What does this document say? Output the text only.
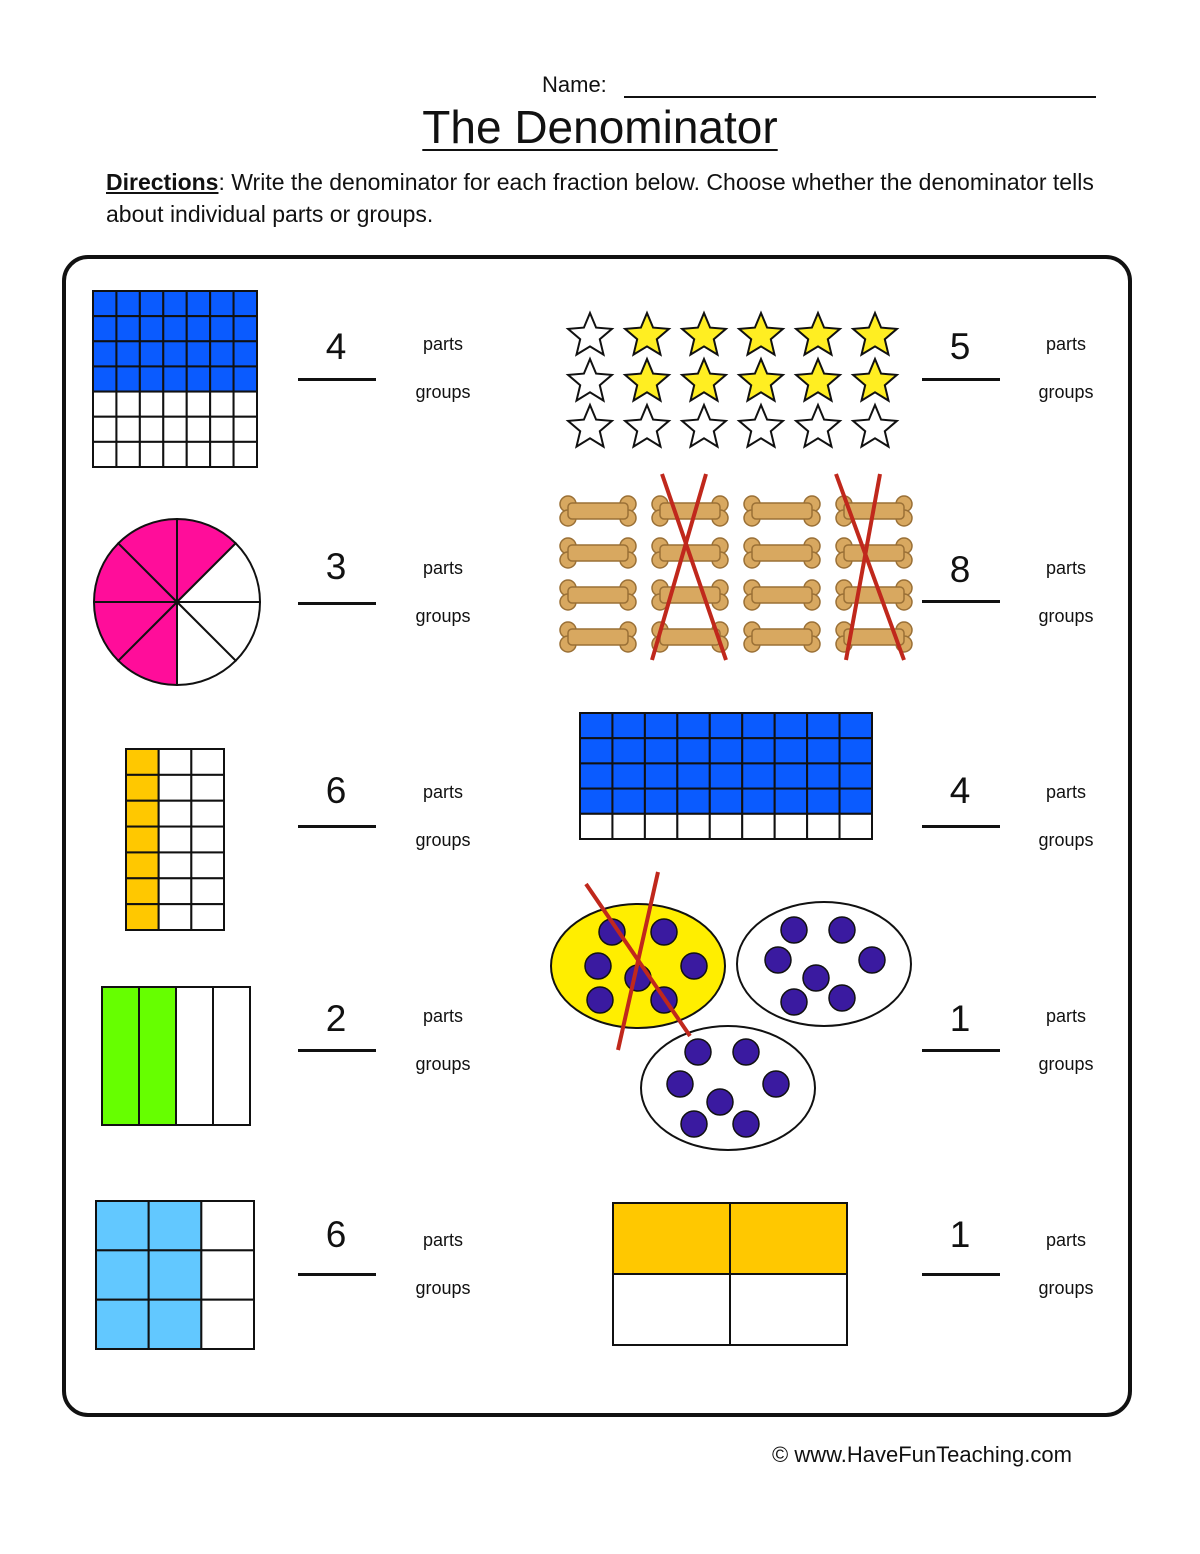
Name:
The Denominator
Directions: Write the denominator for each fraction below. Choose whether the denominator tells about individual parts or groups.
4	parts
groups
3	parts
groups
6	parts
groups
2	parts
groups
6	parts
groups
5	parts
groups
8	parts
groups
4	parts
groups
1	parts
groups
1	parts
groups
© www.HaveFunTeaching.com
